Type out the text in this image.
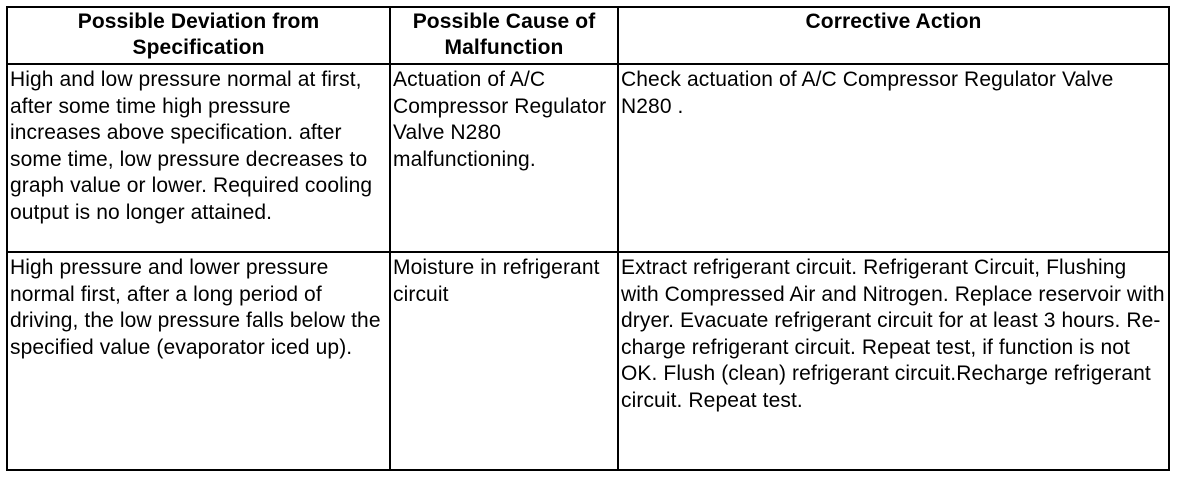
Possible Deviation from Specification	Possible Cause of Malfunction	Corrective Action
High and low pressure normal at first, after some time high pressure increases above specification. after some time, low pressure decreases to graph value or lower. Required cooling output is no longer attained.	Actuation of A/C Compressor Regulator Valve N280 malfunctioning.	Check actuation of A/C Compressor Regulator Valve N280 .
High pressure and lower pressure normal first, after a long period of driving, the low pressure falls below the specified value (evaporator iced up).	Moisture in refrigerant circuit	Extract refrigerant circuit. Refrigerant Circuit, Flushing with Compressed Air and Nitrogen. Replace reservoir with dryer. Evacuate refrigerant circuit for at least 3 hours. Re-charge refrigerant circuit. Repeat test, if function is not OK. Flush (clean) refrigerant circuit.Recharge refrigerant circuit. Repeat test.
